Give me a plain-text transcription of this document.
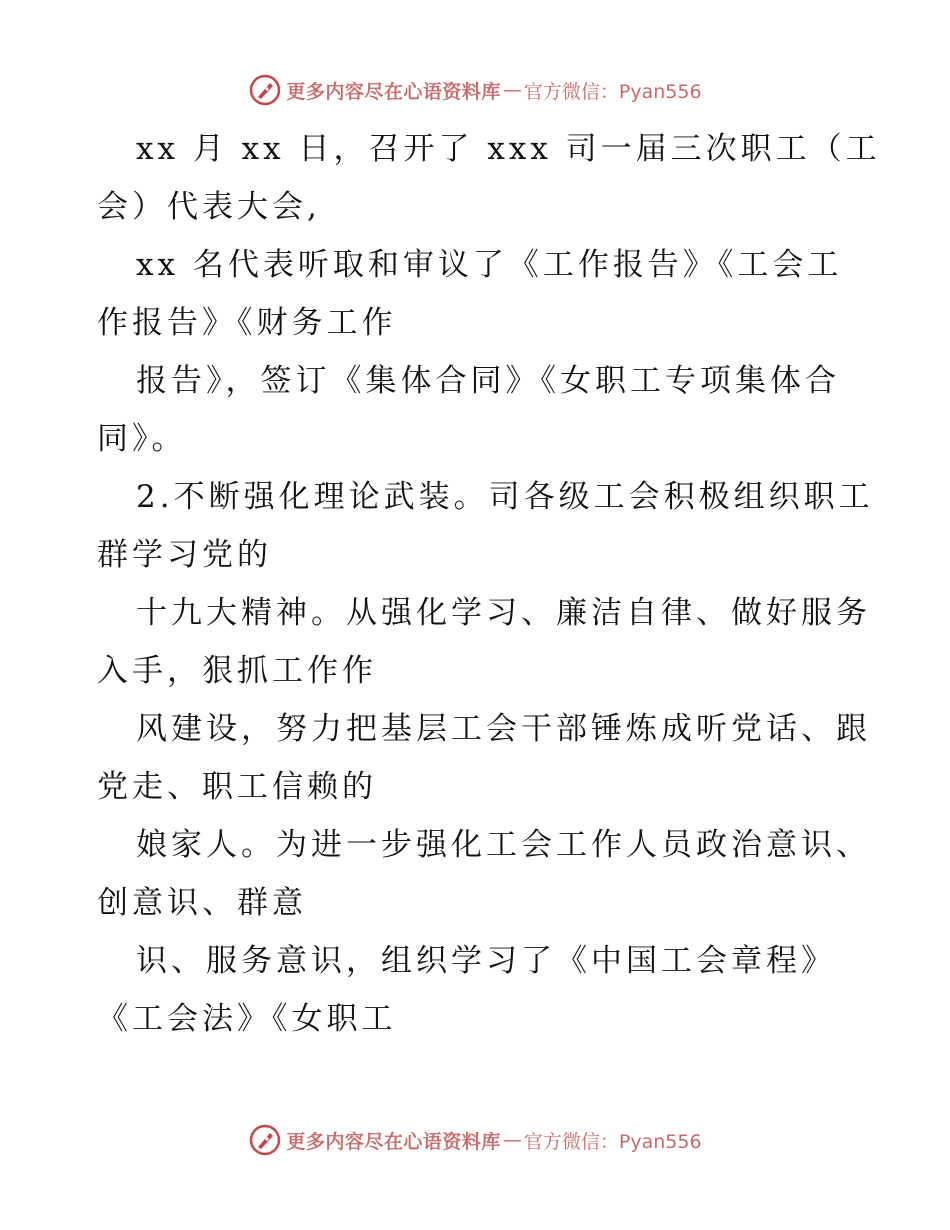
更多内容尽在心语资料库 — 官方微信：Pyan556
xx 月 xx 日，召开了 xxx 司一届三次职工（工
会）代表大会,
xx 名代表听取和审议了《工作报告》《工会工
作报告》《财务工作
报告》，签订《集体合同》《女职工专项集体合
同》。
2.不断强化理论武装。司各级工会积极组织职工
群学习党的
十九大精神。从强化学习、廉洁自律、做好服务
入手，狠抓工作作
风建设，努力把基层工会干部锤炼成听党话、跟
党走、职工信赖的
娘家人。为进一步强化工会工作人员政治意识、
创意识、群意
识、服务意识，组织学习了《中国工会章程》
《工会法》《女职工
更多内容尽在心语资料库 — 官方微信：Pyan556
